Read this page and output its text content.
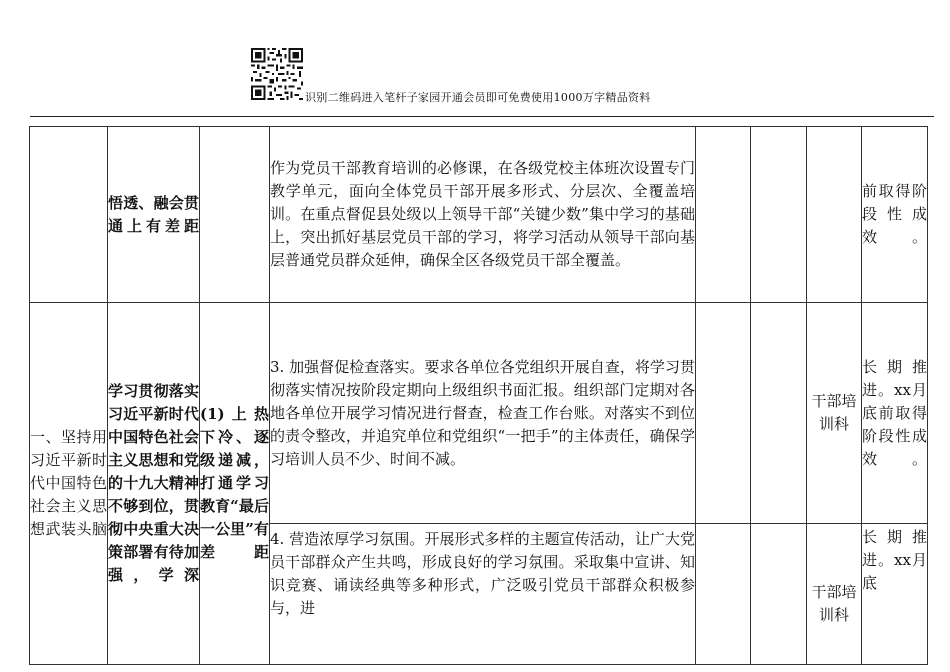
识别二维码进入笔杆子家园开通会员即可免费使用1000万字精品资料
	悟透、融会贯通上有差距		作为党员干部教育培训的必修课，在各级党校主体班次设置专门教学单元，面向全体党员干部开展多形式、分层次、全覆盖培训。在重点督促县处级以上领导干部“关键少数”集中学习的基础上，突出抓好基层党员干部的学习，将学习活动从领导干部向基层普通党员群众延伸，确保全区各级党员干部全覆盖。				前取得阶段性成效。
一、坚持用习近平新时代中国特色社会主义思想武装头脑	学习贯彻落实习近平新时代中国特色社会主义思想和党的十九大精神不够到位，贯彻中央重大决策部署有待加强，学深	(1)上热下冷、逐级递减，打通学习教育“最后一公里”有差距	3. 加强督促检查落实。要求各单位各党组织开展自查，将学习贯彻落实情况按阶段定期向上级组织书面汇报。组织部门定期对各地各单位开展学习情况进行督查，检查工作台账。对落实不到位的责令整改，并追究单位和党组织“一把手”的主体责任，确保学习培训人员不少、时间不减。			干部培训科	长期推进。xx月底前取得阶段性成效。
			4. 营造浓厚学习氛围。开展形式多样的主题宣传活动，让广大党员干部群众产生共鸣，形成良好的学习氛围。采取集中宣讲、知识竞赛、诵读经典等多种形式，广泛吸引党员干部群众积极参与，进			干部培训科	长期推进。xx月底
